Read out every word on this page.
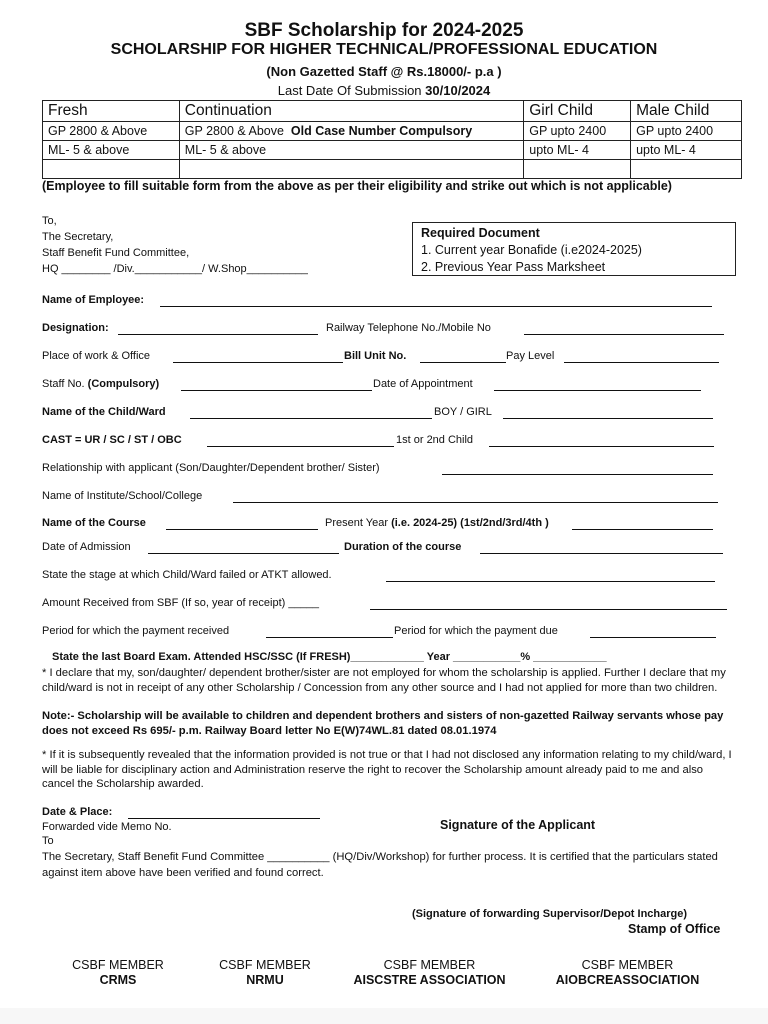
SBF Scholarship for 2024-2025
SCHOLARSHIP FOR HIGHER TECHNICAL/PROFESSIONAL EDUCATION
(Non Gazetted Staff @ Rs.18000/- p.a )
Last Date Of Submission 30/10/2024
Fresh	Continuation	Girl Child	Male Child
GP 2800 & Above	GP 2800 & Above Old Case Number Compulsory	GP upto 2400	GP upto 2400
ML- 5 & above	ML- 5 & above	upto ML- 4	upto ML- 4

(Employee to fill suitable form from the above as per their eligibility and strike out which is not applicable)
To,
The Secretary,
Staff Benefit Fund Committee,
HQ ________ /Div.___________/ W.Shop__________
Required Document
1. Current year Bonafide (i.e2024-2025)
2. Previous Year Pass Marksheet
Name of Employee:
Designation:	Railway Telephone No./Mobile No
Place of work & Office	Bill Unit No.	Pay Level
Staff No. (Compulsory)	Date of Appointment
Name of the Child/Ward	BOY / GIRL
CAST = UR / SC / ST / OBC	1st or 2nd Child
Relationship with applicant (Son/Daughter/Dependent brother/ Sister)
Name of Institute/School/College
Name of the Course	Present Year (i.e. 2024-25) (1st/2nd/3rd/4th )
Date of Admission	Duration of the course
State the stage at which Child/Ward failed or ATKT allowed.
Amount Received from SBF (If so, year of receipt) _____
Period for which the payment received	Period for which the payment due
State the last Board Exam. Attended HSC/SSC (If FRESH)____________ Year ___________% ____________
* I declare that my, son/daughter/ dependent brother/sister are not employed for whom the scholarship is applied. Further I declare that my child/ward is not in receipt of any other Scholarship / Concession from any other source and I had not applied for more than two children.
Note:- Scholarship will be available to children and dependent brothers and sisters of non-gazetted Railway servants whose pay does not exceed Rs 695/- p.m. Railway Board letter No E(W)74WL.81 dated 08.01.1974
* If it is subsequently revealed that the information provided is not true or that I had not disclosed any information relating to my child/ward, I will be liable for disciplinary action and Administration reserve the right to recover the Scholarship amount already paid to me and also cancel the Scholarship awarded.
Date & Place:
Forwarded vide Memo No.	Signature of the Applicant
To
The Secretary, Staff Benefit Fund Committee __________ (HQ/Div/Workshop) for further process. It is certified that the particulars stated against item above have been verified and found correct.
(Signature of forwarding Supervisor/Depot Incharge)
Stamp of Office
CSBF MEMBER
CRMS
CSBF MEMBER
NRMU
CSBF MEMBER
AISCSTRE ASSOCIATION
CSBF MEMBER
AIOBCREASSOCIATION
